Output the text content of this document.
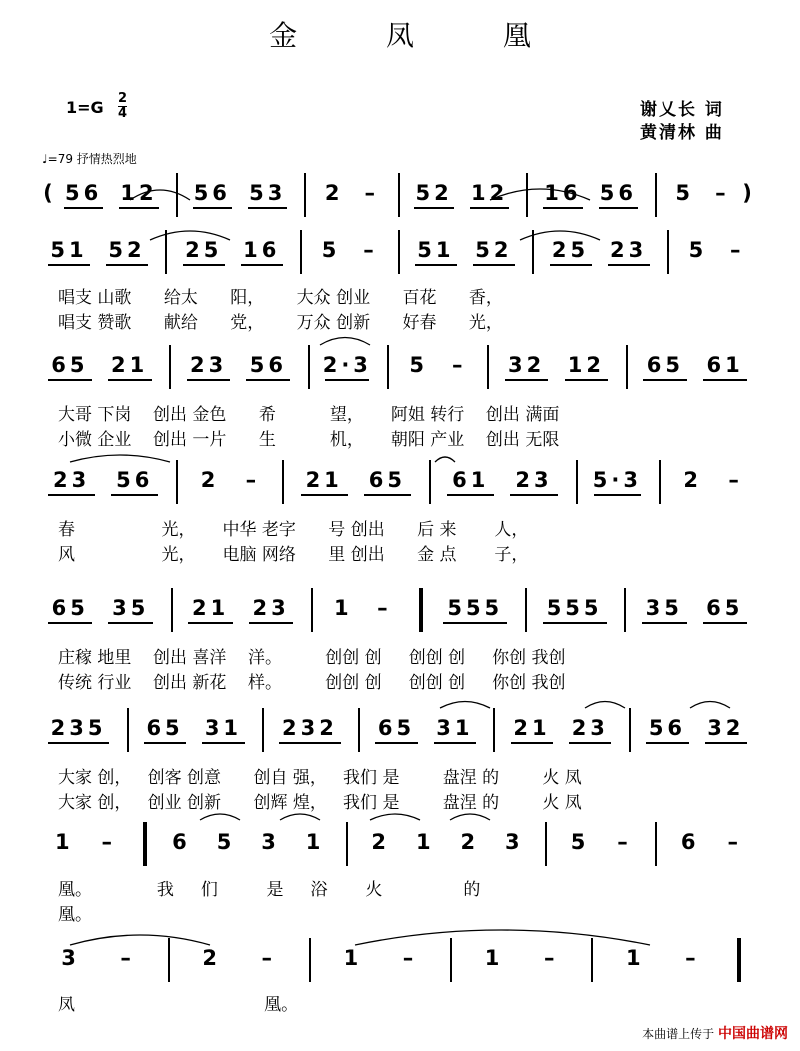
金 凤 凰
1=G 2
4	谢乂长 词
黄清林 曲
♩=79 抒情热烈地
( 56 12	56 53	2	–	52 12	16 56	5	– )
51 52	25 16	5	–	51 52	25 23	5	–
唱支 山歌      给太      阳，      大众 创业      百花      香，
唱支 赞歌      献给      党，      万众 创新      好春      光，
65	21	23	56	2·3	5	–	32	12	65	61
大哥 下岗    创出 金色      希          望，     阿姐 转行    创出 满面
小微 企业    创出 一片      生          机，     朝阳 产业    创出 无限
23	56	2	–	21	65	61	23	5·3	2	–
春                光，     中华 老字      号 创出      后 来       人，
风                光，     电脑 网络      里 创出      金 点       子，
65	35	21	23	1	–	555	555	35	65
庄稼 地里    创出 喜洋    洋。        创创 创     创创 创     你创 我创
传统 行业    创出 新花    样。        创创 创     创创 创     你创 我创
235	65	31	232	65	31	21	23	56	32
大家 创，   创客 创意      创自 强，   我们 是        盘涅 的        火 凤
大家 创，   创业 创新      创辉 煌，   我们 是        盘涅 的        火 凤
1	–	6	5	3	1	2	1	2	3	5	–	6	–
凰。            我     们         是     浴       火               的
凰。
3	–	2	–	1	–	1	–	1	–
凤                                   凰。
本曲谱上传于 中国曲谱网
